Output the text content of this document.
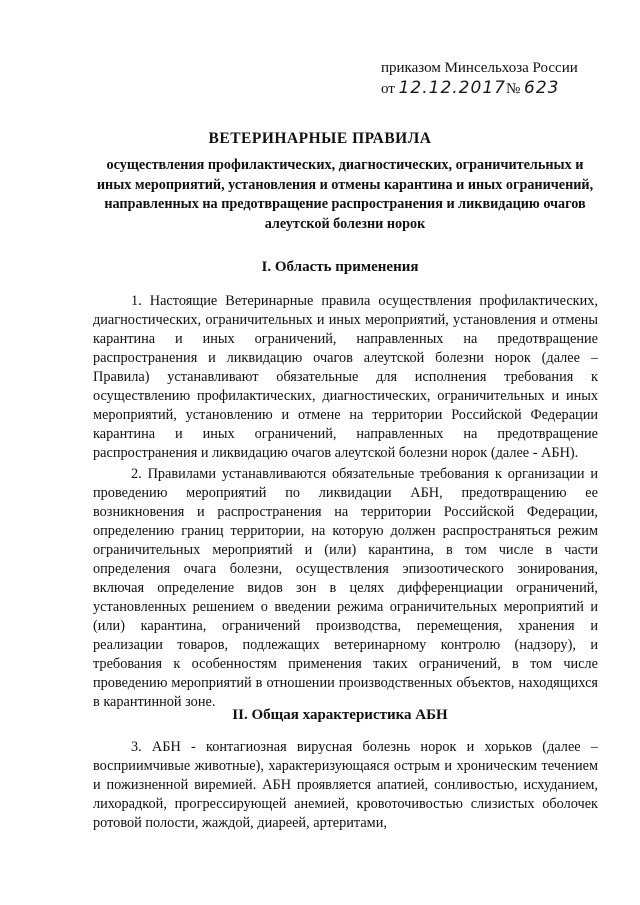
приказом Минсельхоза России
от 12.12.2017№ 623
ВЕТЕРИНАРНЫЕ ПРАВИЛА
осуществления профилактических, диагностических, ограничительных и иных мероприятий, установления и отмены карантина и иных ограничений, направленных на предотвращение распространения и ликвидацию очагов алеутской болезни норок
I. Область применения
1. Настоящие Ветеринарные правила осуществления профилактических, диагностических, ограничительных и иных мероприятий, установления и отмены карантина и иных ограничений, направленных на предотвращение распространения и ликвидацию очагов алеутской болезни норок (далее – Правила) устанавливают обязательные для исполнения требования к осуществлению профилактических, диагностических, ограничительных и иных мероприятий, установлению и отмене на территории Российской Федерации карантина и иных ограничений, направленных на предотвращение распространения и ликвидацию очагов алеутской болезни норок (далее - АБН).
2. Правилами устанавливаются обязательные требования к организации и проведению мероприятий по ликвидации АБН, предотвращению ее возникновения и распространения на территории Российской Федерации, определению границ территории, на которую должен распространяться режим ограничительных мероприятий и (или) карантина, в том числе в части определения очага болезни, осуществления эпизоотического зонирования, включая определение видов зон в целях дифференциации ограничений, установленных решением о введении режима ограничительных мероприятий и (или) карантина, ограничений производства, перемещения, хранения и реализации товаров, подлежащих ветеринарному контролю (надзору), и требования к особенностям применения таких ограничений, в том числе проведению мероприятий в отношении производственных объектов, находящихся в карантинной зоне.
II. Общая характеристика АБН
3. АБН - контагиозная вирусная болезнь норок и хорьков (далее – восприимчивые животные), характеризующаяся острым и хроническим течением и пожизненной виремией. АБН проявляется апатией, сонливостью, исхуданием, лихорадкой, прогрессирующей анемией, кровоточивостью слизистых оболочек ротовой полости, жаждой, диареей, артеритами,
